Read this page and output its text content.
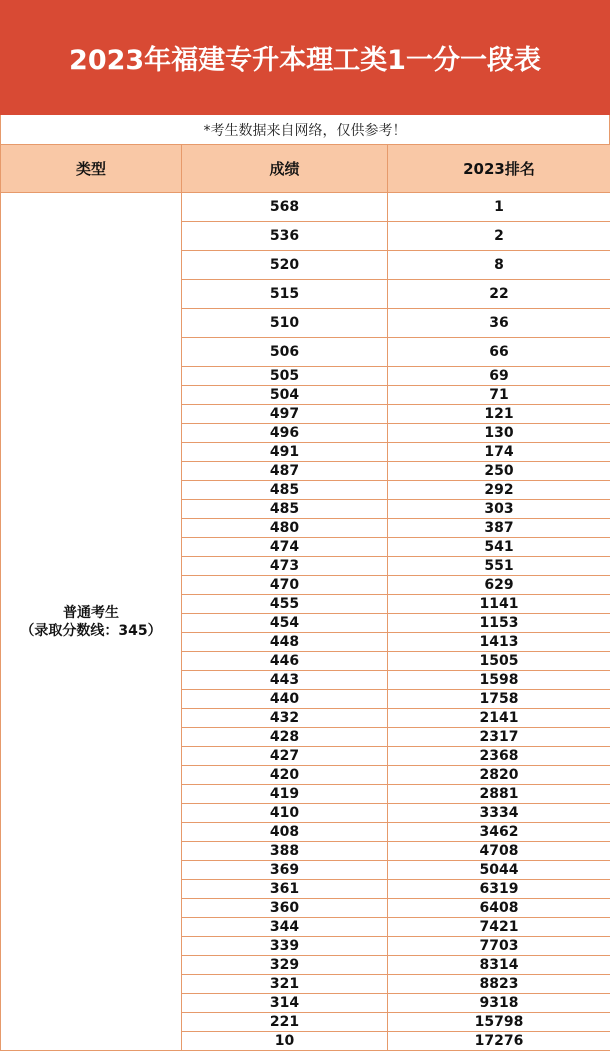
2023年福建专升本理工类1一分一段表
*考生数据来自网络，仅供参考！
类型	成绩	2023排名

普通考生
（录取分数线：345）	568	1
	536	2
	520	8
	515	22
	510	36
	506	66
	505	69
	504	71
	497	121
	496	130
	491	174
	487	250
	485	292
	485	303
	480	387
	474	541
	473	551
	470	629
	455	1141
	454	1153
	448	1413
	446	1505
	443	1598
	440	1758
	432	2141
	428	2317
	427	2368
	420	2820
	419	2881
	410	3334
	408	3462
	388	4708
	369	5044
	361	6319
	360	6408
	344	7421
	339	7703
	329	8314
	321	8823
	314	9318
	221	15798
	10	17276
